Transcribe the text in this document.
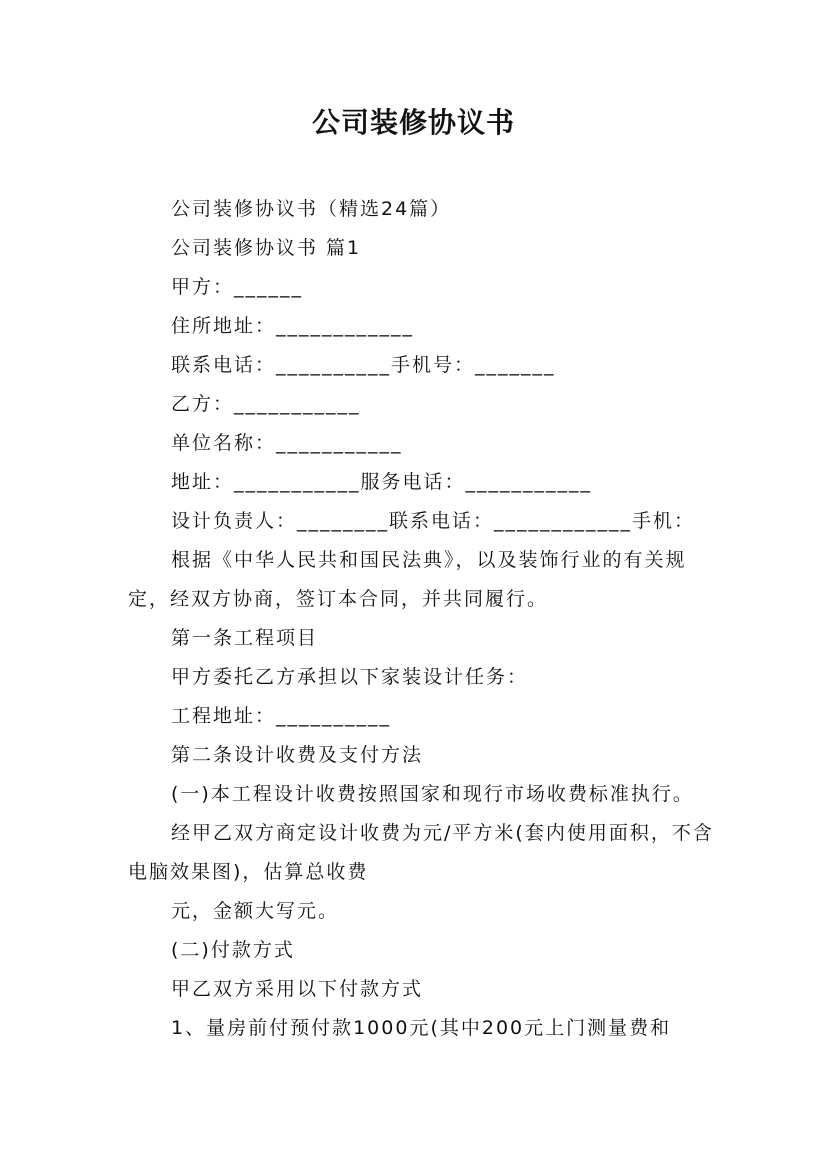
公司装修协议书

公司装修协议书（精选24篇）

公司装修协议书 篇1

甲方：______

住所地址：____________

联系电话：__________手机号：_______

乙方：___________

单位名称：___________

地址：___________服务电话：___________

设计负责人：________联系电话：____________手机：

根据《中华人民共和国民法典》，以及装饰行业的有关规定，经双方协商，签订本合同，并共同履行。

第一条工程项目

甲方委托乙方承担以下家装设计任务：

工程地址：__________

第二条设计收费及支付方法

(一)本工程设计收费按照国家和现行市场收费标准执行。

经甲乙双方商定设计收费为元/平方米(套内使用面积，不含电脑效果图)，估算总收费

元，金额大写元。

(二)付款方式

甲乙双方采用以下付款方式

1、量房前付预付款1000元(其中200元上门测量费和
